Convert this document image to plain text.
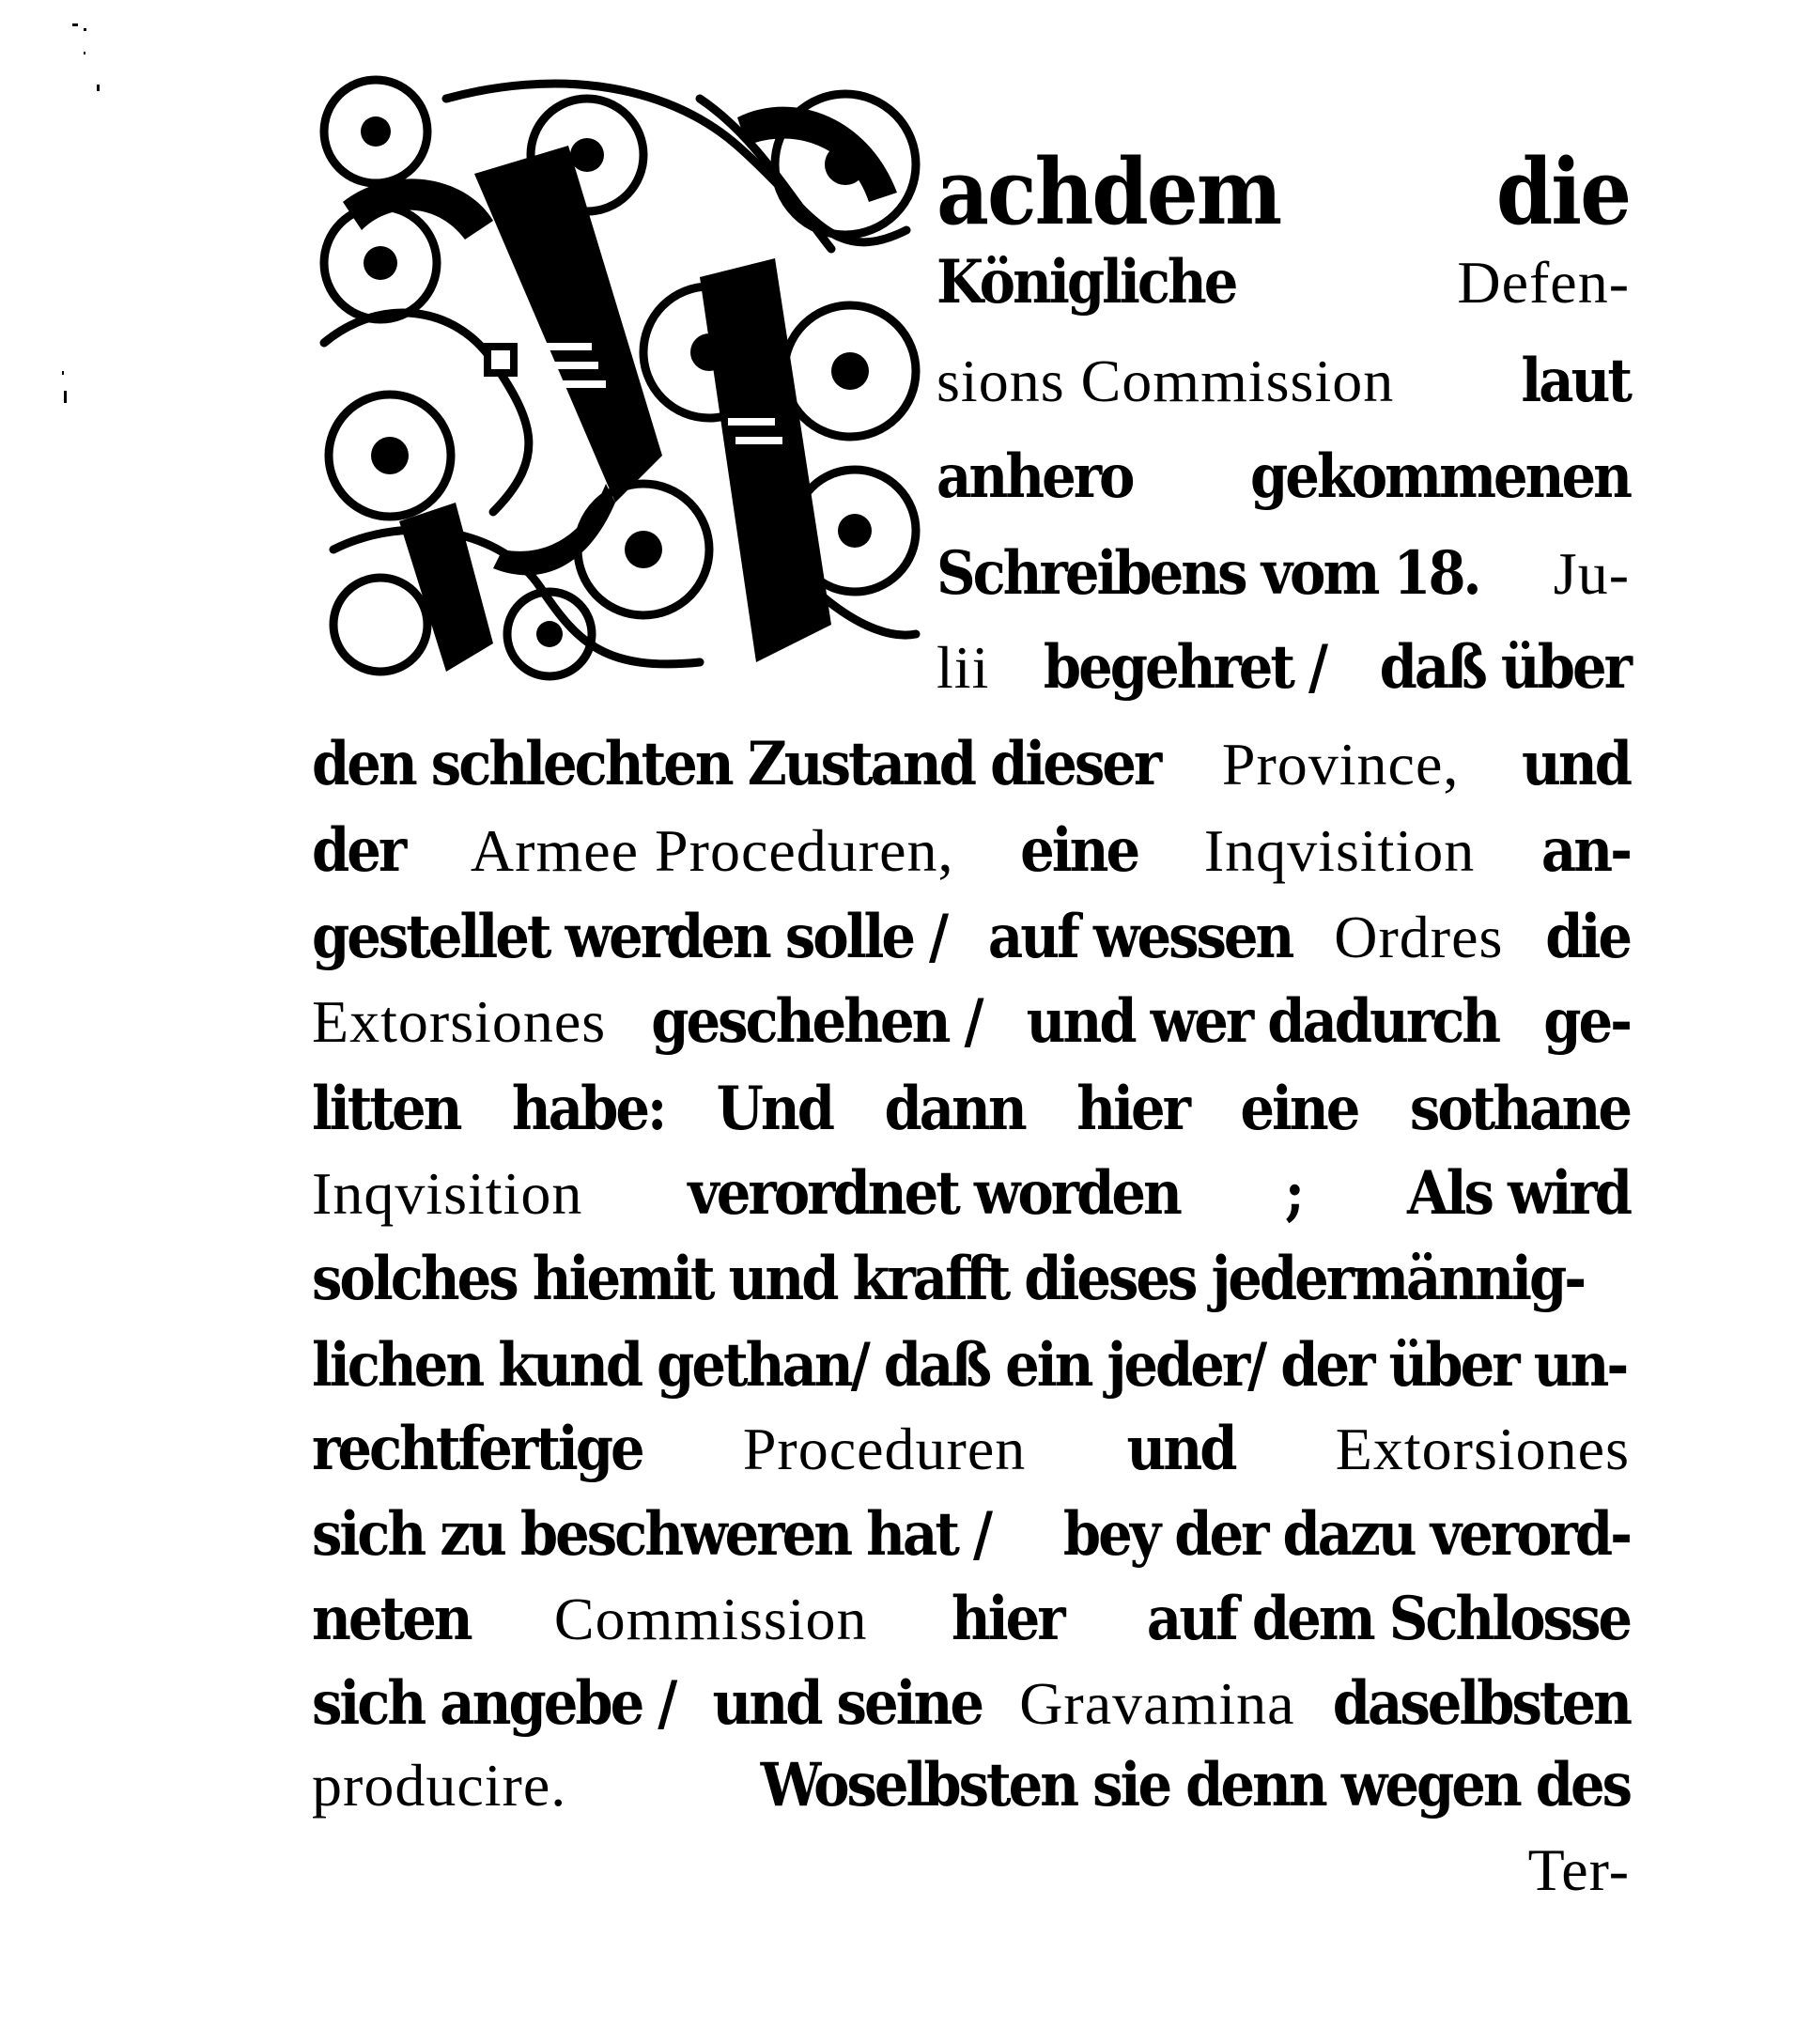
achdem die
Königliche	Defen-
sions Commission laut
anhero gekommenen
Schreibens vom 18. Ju-
lii begehret / daß über
den schlechten Zustand dieser Province, und
der Armee Proceduren, eine Inqvisition an-
gestellet werden solle / auf wessen Ordres die
Extorsiones geschehen / und wer dadurch ge-
litten habe: Und dann hier eine sothane
Inqvisition verordnet worden ; Als wird
solches hiemit und krafft dieses jedermännig-
lichen kund gethan/ daß ein jeder/ der über un-
rechtfertige Proceduren und Extorsiones
sich zu beschweren hat / bey der dazu verord-
neten Commission hier auf dem Schlosse
sich angebe / und seine Gravamina daselbsten
producire.	Woselbsten sie denn wegen des
Ter-
